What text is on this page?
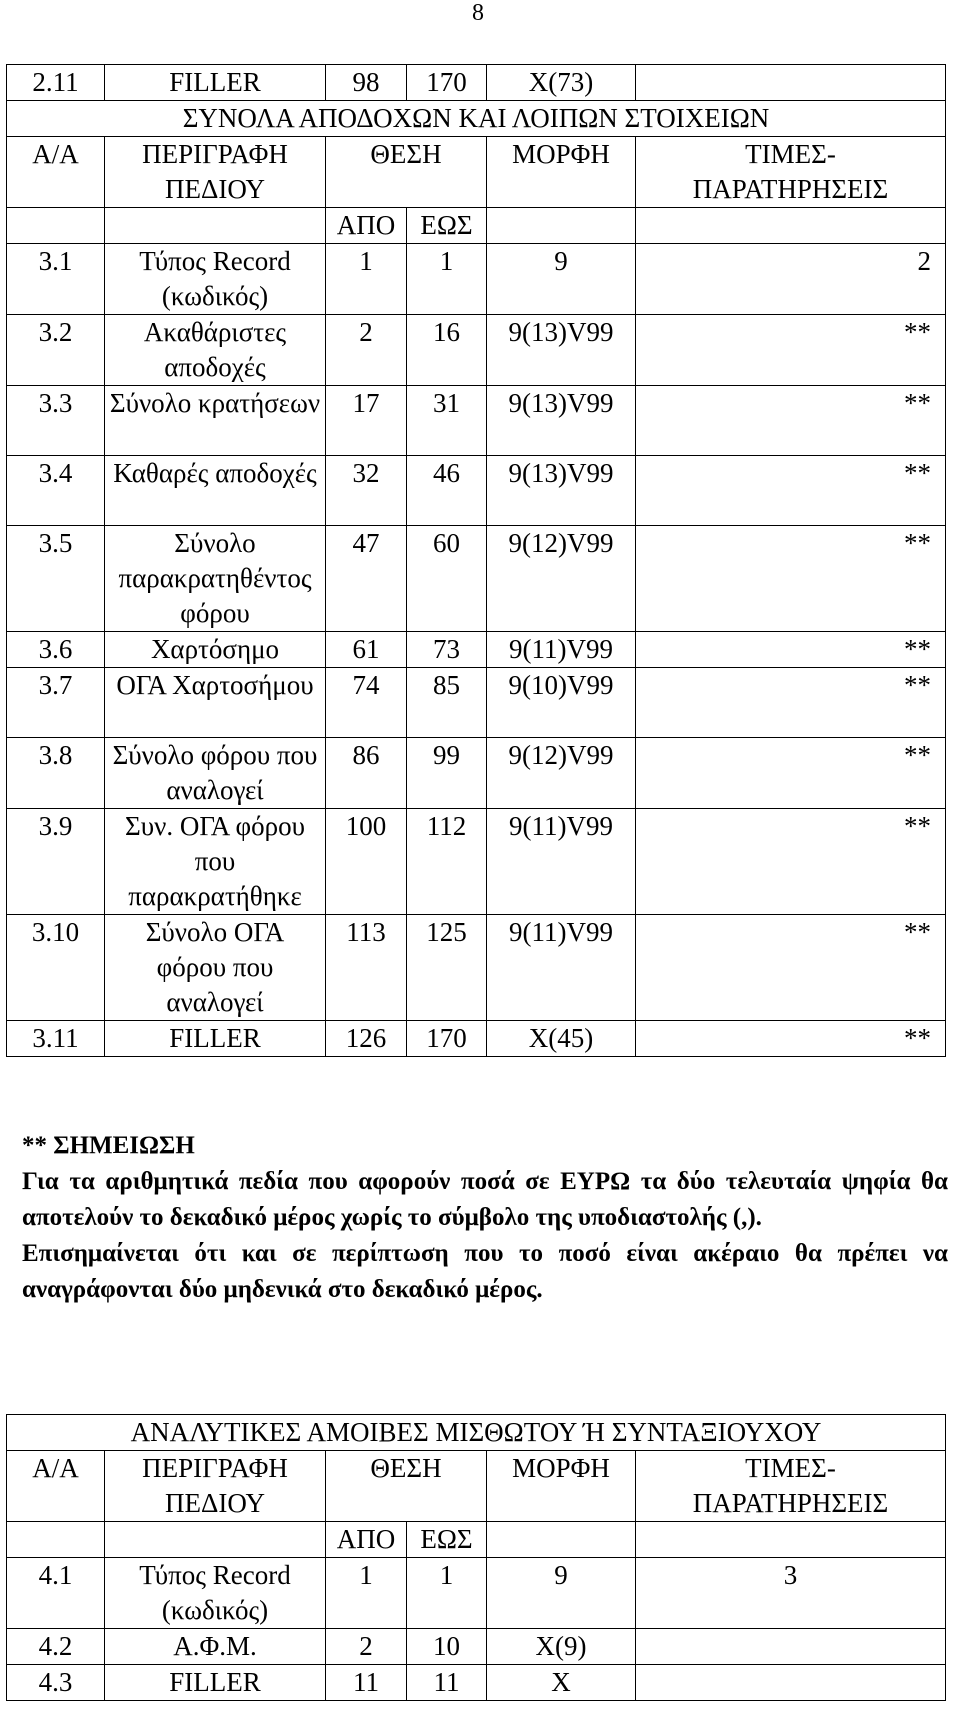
8
2.11	FILLER	98	170	X(73)	
ΣΥΝΟΛΑ ΑΠΟΔΟΧΩΝ ΚΑΙ ΛΟΙΠΩΝ ΣΤΟΙΧΕΙΩΝ					
Α/Α	ΠΕΡΙΓΡΑΦΗ ΠΕΔΙΟΥ	ΘΕΣΗ		ΜΟΡΦΗ	ΤΙΜΕΣ-ΠΑΡΑΤΗΡΗΣΕΙΣ
		ΑΠΟ	ΕΩΣ		
3.1	Τύπος Record (κωδικός)	1	1	9	2
3.2	Ακαθάριστες αποδοχές	2	16	9(13)V99	**
3.3	Σύνολο κρατήσεων	17	31	9(13)V99	**
3.4	Καθαρές αποδοχές	32	46	9(13)V99	**
3.5	Σύνολο παρακρατηθέντος φόρου	47	60	9(12)V99	**
3.6	Χαρτόσημο	61	73	9(11)V99	**
3.7	ΟΓΑ Χαρτοσήμου	74	85	9(10)V99	**
3.8	Σύνολο φόρου που αναλογεί	86	99	9(12)V99	**
3.9	Συν. ΟΓΑ φόρου που παρακρατήθηκε	100	112	9(11)V99	**
3.10	Σύνολο ΟΓΑ φόρου που αναλογεί	113	125	9(11)V99	**
3.11	FILLER	126	170	X(45)	**
** ΣΗΜΕΙΩΣΗ

Για τα αριθμητικά πεδία που αφορούν ποσά σε ΕΥΡΩ τα δύο τελευταία ψηφία θα αποτελούν το δεκαδικό μέρος χωρίς το σύμβολο της υποδιαστολής (,).

Επισημαίνεται ότι και σε περίπτωση που το ποσό είναι ακέραιο θα πρέπει να αναγράφονται δύο μηδενικά στο δεκαδικό μέρος.

ΑΝΑΛΥΤΙΚΕΣ ΑΜΟΙΒΕΣ ΜΙΣΘΩΤΟΥ Ή ΣΥΝΤΑΞΙΟΥΧΟΥ					
Α/Α	ΠΕΡΙΓΡΑΦΗ ΠΕΔΙΟΥ	ΘΕΣΗ		ΜΟΡΦΗ	ΤΙΜΕΣ-ΠΑΡΑΤΗΡΗΣΕΙΣ
		ΑΠΟ	ΕΩΣ		
4.1	Τύπος Record (κωδικός)	1	1	9	3
4.2	Α.Φ.Μ.	2	10	X(9)	
4.3	FILLER	11	11	X	
